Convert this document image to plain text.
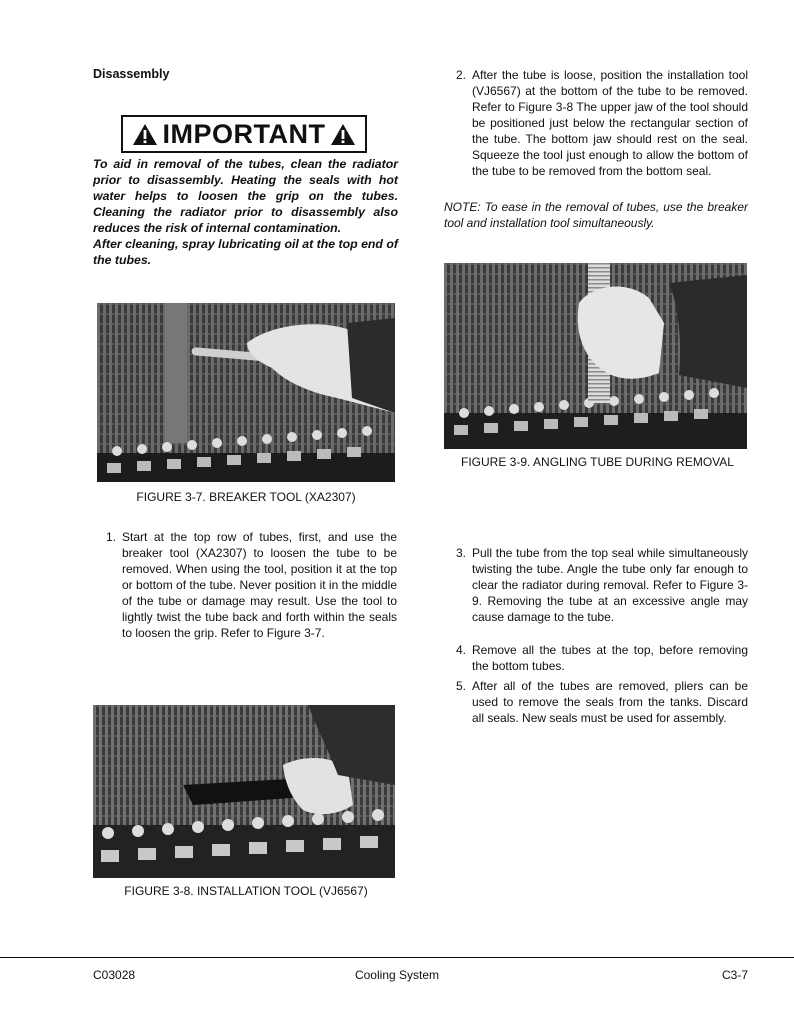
Disassembly
IMPORTANT

To aid in removal of the tubes, clean the radiator prior to disassembly. Heating the seals with hot water helps to loosen the grip on the tubes. Cleaning the radiator prior to disassembly also reduces the risk of internal contamination.

After cleaning, spray lubricating oil at the top end of the tubes.

FIGURE 3-7. BREAKER TOOL (XA2307)
1. Start at the top row of tubes, first, and use the breaker tool (XA2307) to loosen the tube to be removed. When using the tool, position it at the top or bottom of the tube. Never position it in the middle of the tube or damage may result. Use the tool to lightly twist the tube back and forth within the seals to loosen the grip. Refer to Figure 3-7.
FIGURE 3-8. INSTALLATION TOOL (VJ6567)
2. After the tube is loose, position the installation tool (VJ6567) at the bottom of the tube to be removed. Refer to Figure 3-8 The upper jaw of the tool should be positioned just below the rectangular section of the tube. The bottom jaw should rest on the seal. Squeeze the tool just enough to allow the bottom of the tube to be removed from the bottom seal.
NOTE: To ease in the removal of tubes, use the breaker tool and installation tool simultaneously.
FIGURE 3-9. ANGLING TUBE DURING REMOVAL
3. Pull the tube from the top seal while simultaneously twisting the tube. Angle the tube only far enough to clear the radiator during removal. Refer to Figure 3-9. Removing the tube at an excessive angle may cause damage to the tube.
4. Remove all the tubes at the top, before removing the bottom tubes.
5. After all of the tubes are removed, pliers can be used to remove the seals from the tanks. Discard all seals. New seals must be used for assembly.
C03028	Cooling System	C3-7
